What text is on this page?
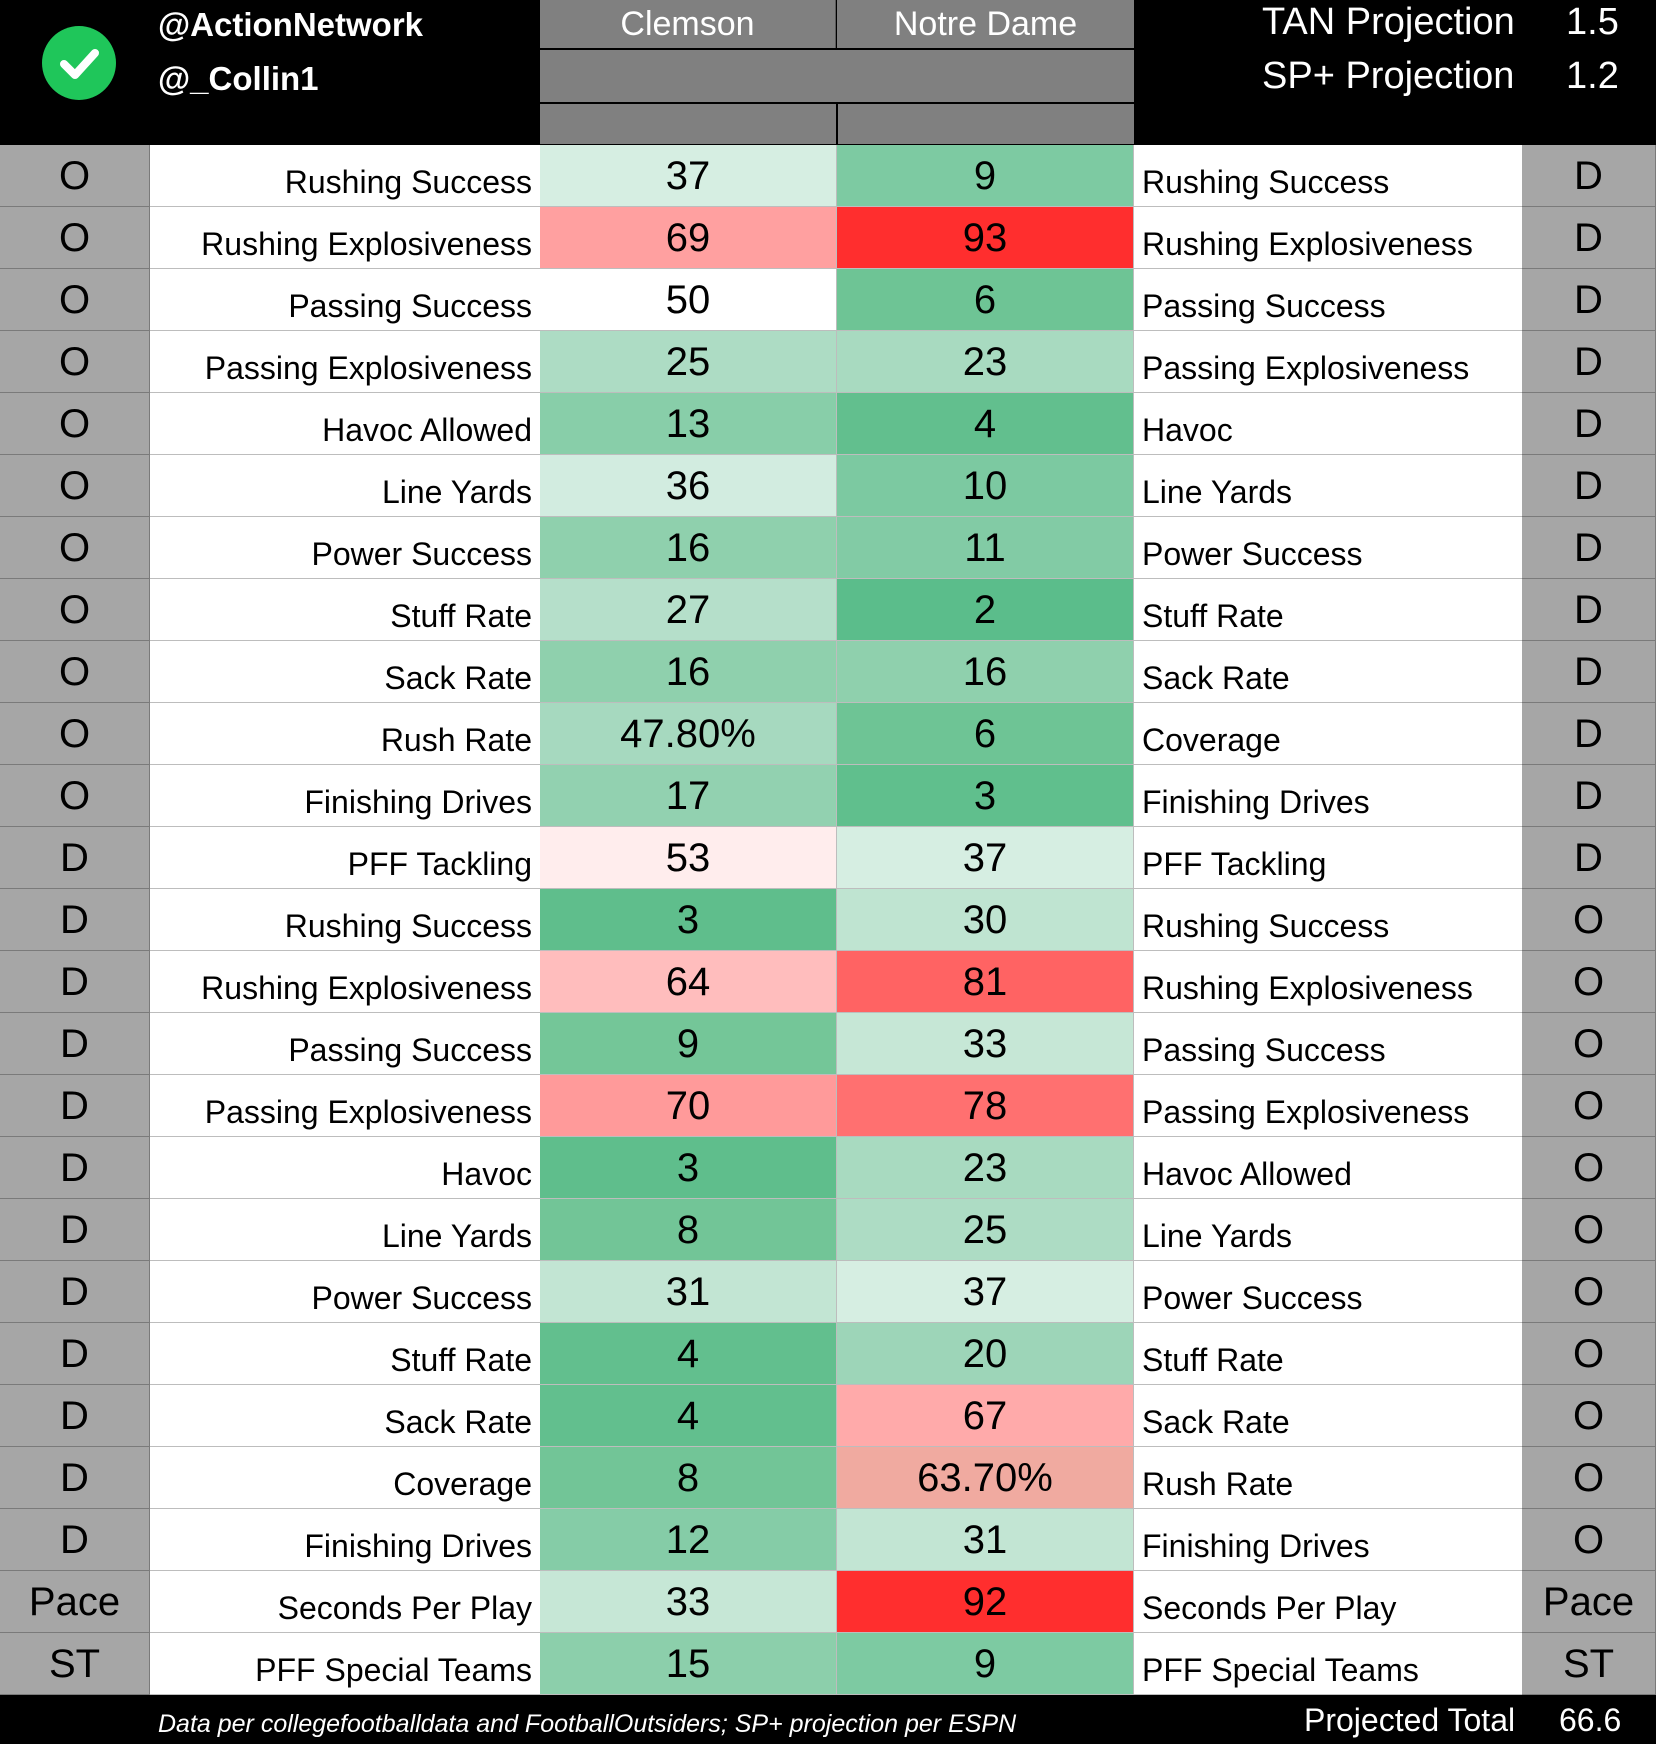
@ActionNetwork
@_Collin1
Clemson	Notre Dame	TAN Projection 1.5
SP+ Projection 1.2
O	Rushing Success	37	9	Rushing Success	D
O	Rushing Explosiveness	69	93	Rushing Explosiveness	D
O	Passing Success	50	6	Passing Success	D
O	Passing Explosiveness	25	23	Passing Explosiveness	D
O	Havoc Allowed	13	4	Havoc	D
O	Line Yards	36	10	Line Yards	D
O	Power Success	16	11	Power Success	D
O	Stuff Rate	27	2	Stuff Rate	D
O	Sack Rate	16	16	Sack Rate	D
O	Rush Rate	47.80%	6	Coverage	D
O	Finishing Drives	17	3	Finishing Drives	D
D	PFF Tackling	53	37	PFF Tackling	D
D	Rushing Success	3	30	Rushing Success	O
D	Rushing Explosiveness	64	81	Rushing Explosiveness	O
D	Passing Success	9	33	Passing Success	O
D	Passing Explosiveness	70	78	Passing Explosiveness	O
D	Havoc	3	23	Havoc Allowed	O
D	Line Yards	8	25	Line Yards	O
D	Power Success	31	37	Power Success	O
D	Stuff Rate	4	20	Stuff Rate	O
D	Sack Rate	4	67	Sack Rate	O
D	Coverage	8	63.70%	Rush Rate	O
D	Finishing Drives	12	31	Finishing Drives	O
Pace	Seconds Per Play	33	92	Seconds Per Play	Pace
ST	PFF Special Teams	15	9	PFF Special Teams	ST
Data per collegefootballdata and FootballOutsiders; SP+ projection per ESPN	Projected Total 66.6
